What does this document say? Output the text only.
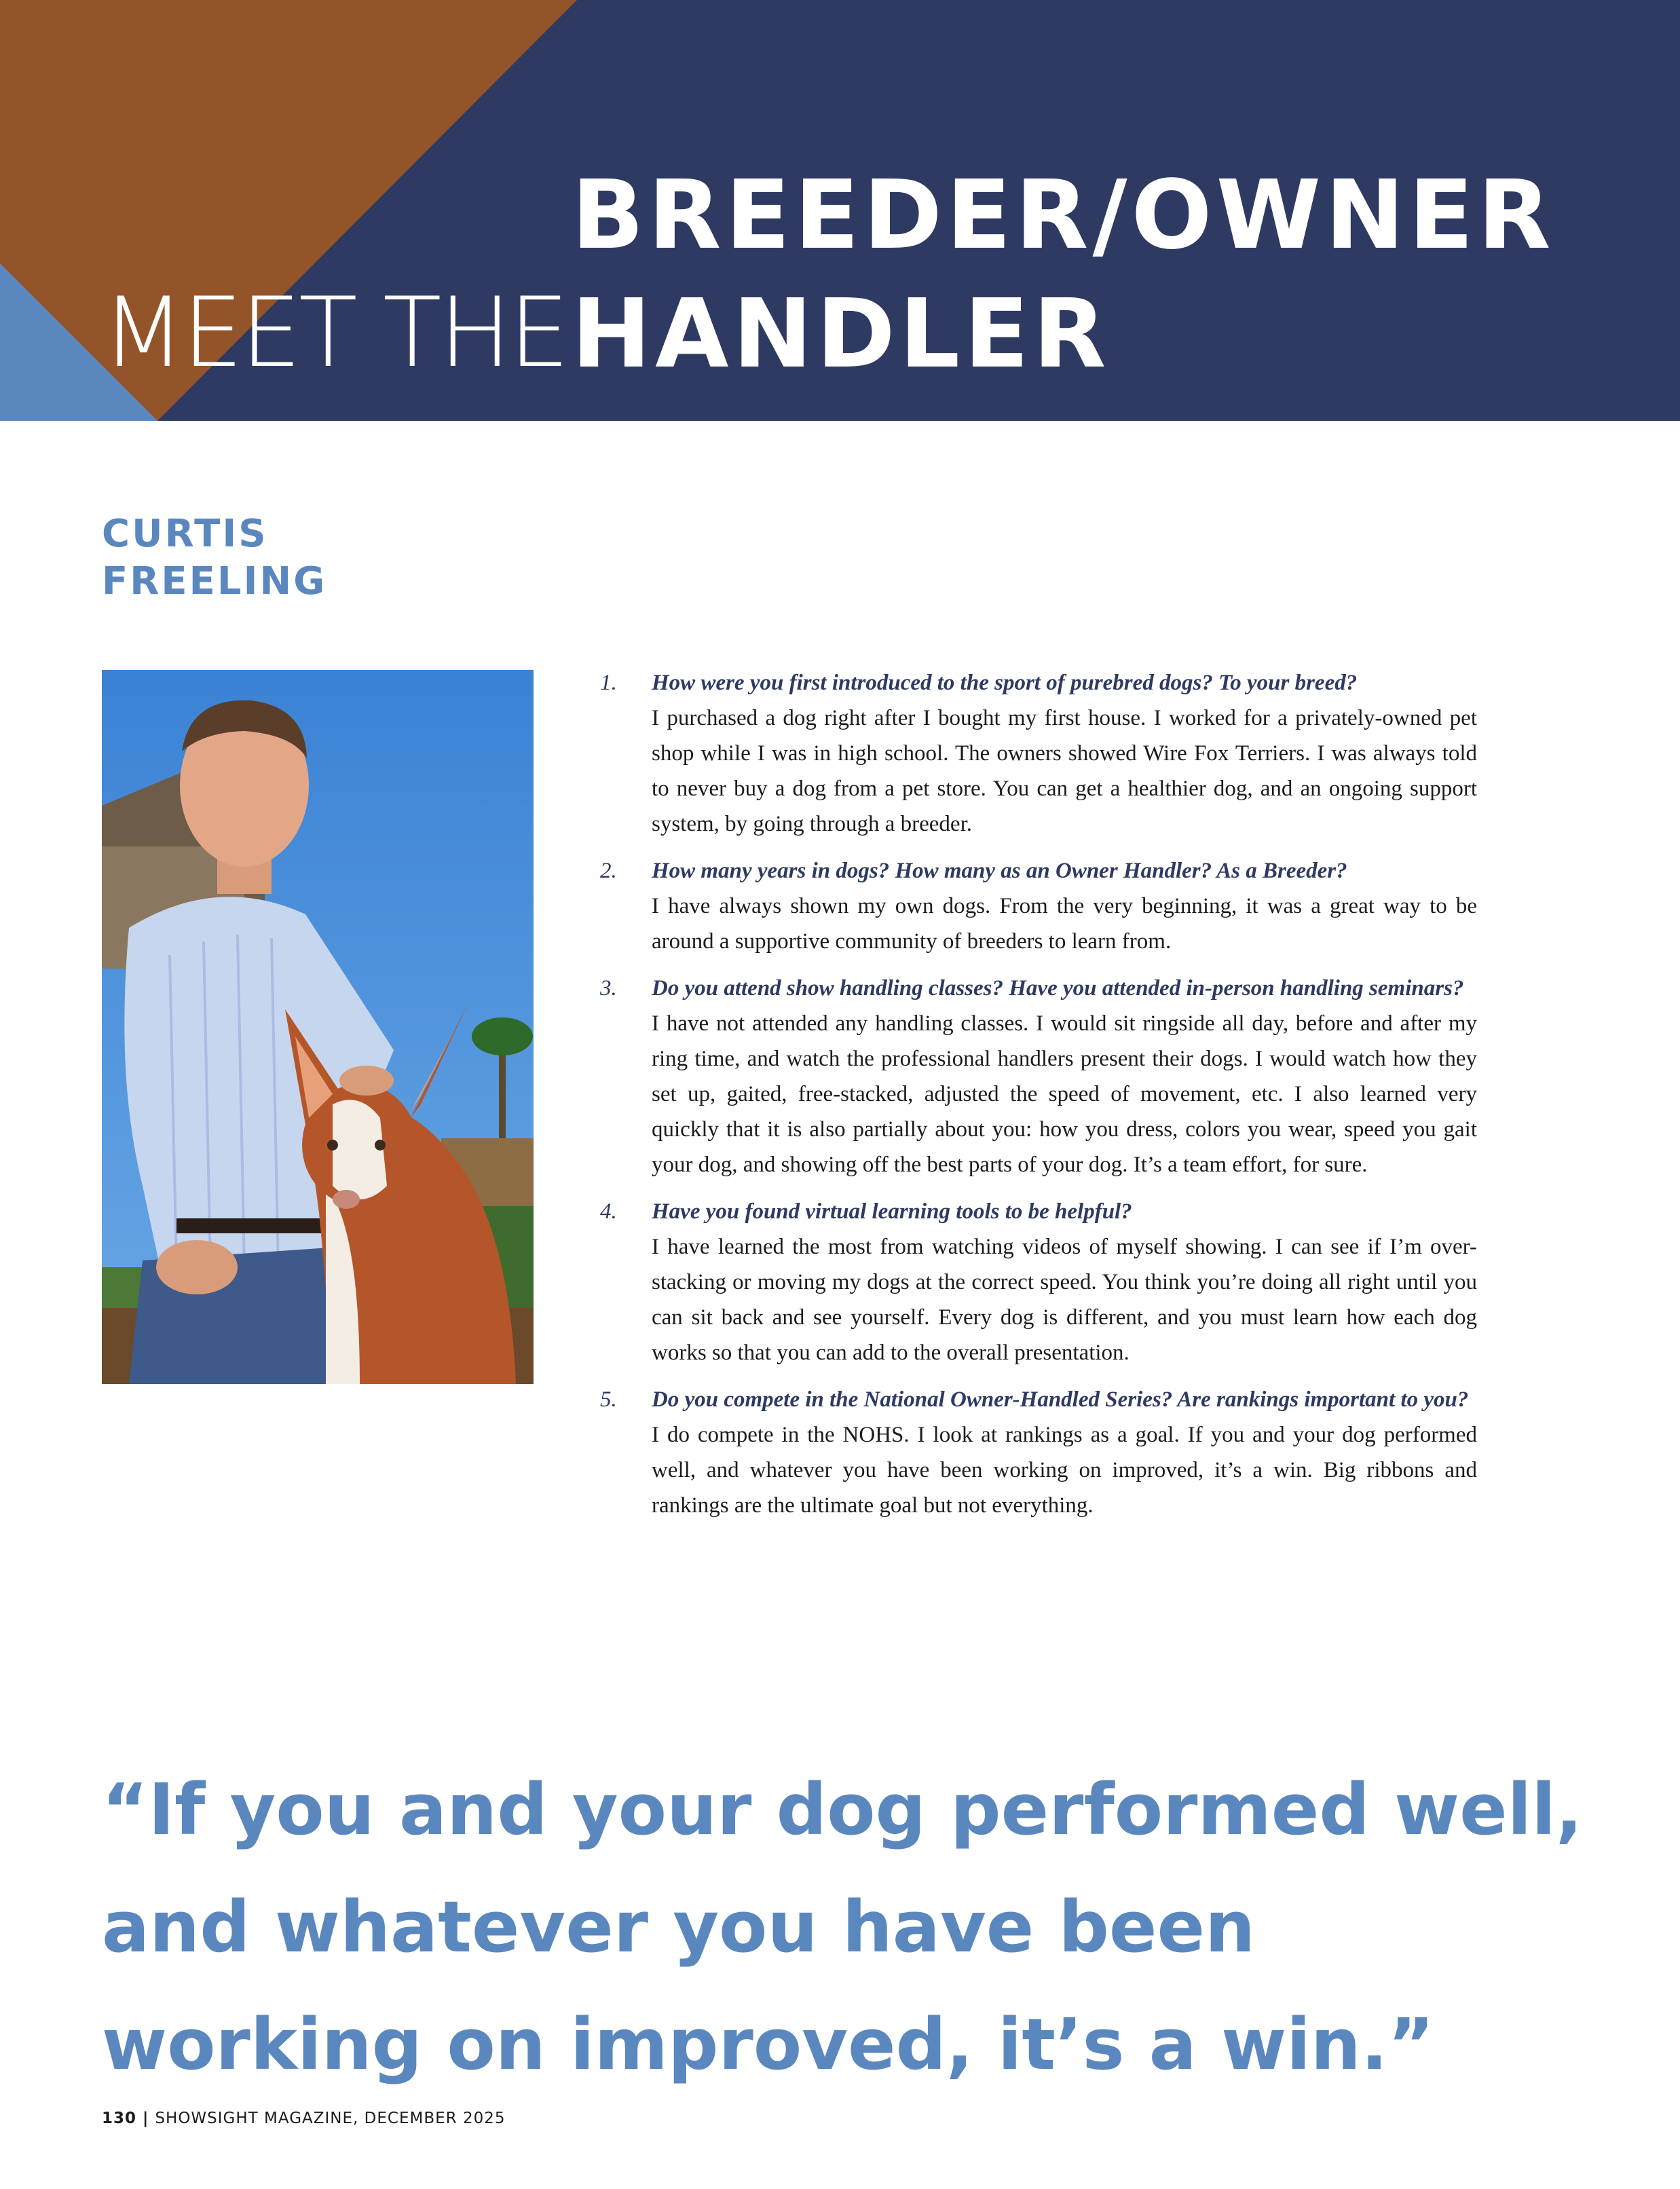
MEET THE
BREEDER/OWNER
HANDLER
CURTIS
FREELING
1. How were you first introduced to the sport of purebred dogs? To your breed?
I purchased a dog right after I bought my first house. I worked for a privately-owned pet shop while I was in high school. The owners showed Wire Fox Terriers. I was always told to never buy a dog from a pet store. You can get a healthier dog, and an ongoing support system, by going through a breeder.
2. How many years in dogs? How many as an Owner Handler? As a Breeder?
I have always shown my own dogs. From the very beginning, it was a great way to be around a supportive community of breeders to learn from.
3. Do you attend show handling classes? Have you attended in-person handling seminars?
I have not attended any handling classes. I would sit ringside all day, before and after my ring time, and watch the professional handlers present their dogs. I would watch how they set up, gaited, free-stacked, adjusted the speed of movement, etc. I also learned very quickly that it is also partially about you: how you dress, colors you wear, speed you gait your dog, and showing off the best parts of your dog. It’s a team effort, for sure.
4. Have you found virtual learning tools to be helpful?
I have learned the most from watching videos of myself showing. I can see if I’m over-stacking or moving my dogs at the correct speed. You think you’re doing all right until you can sit back and see yourself. Every dog is different, and you must learn how each dog works so that you can add to the overall presentation.
5. Do you compete in the National Owner-Handled Series? Are rankings important to you?
I do compete in the NOHS. I look at rankings as a goal. If you and your dog performed well, and whatever you have been working on improved, it’s a win. Big ribbons and rankings are the ultimate goal but not everything.
“If you and your dog performed well, and whatever you have been working on improved, it’s a win.”
130 | SHOWSIGHT MAGAZINE, DECEMBER 2025
